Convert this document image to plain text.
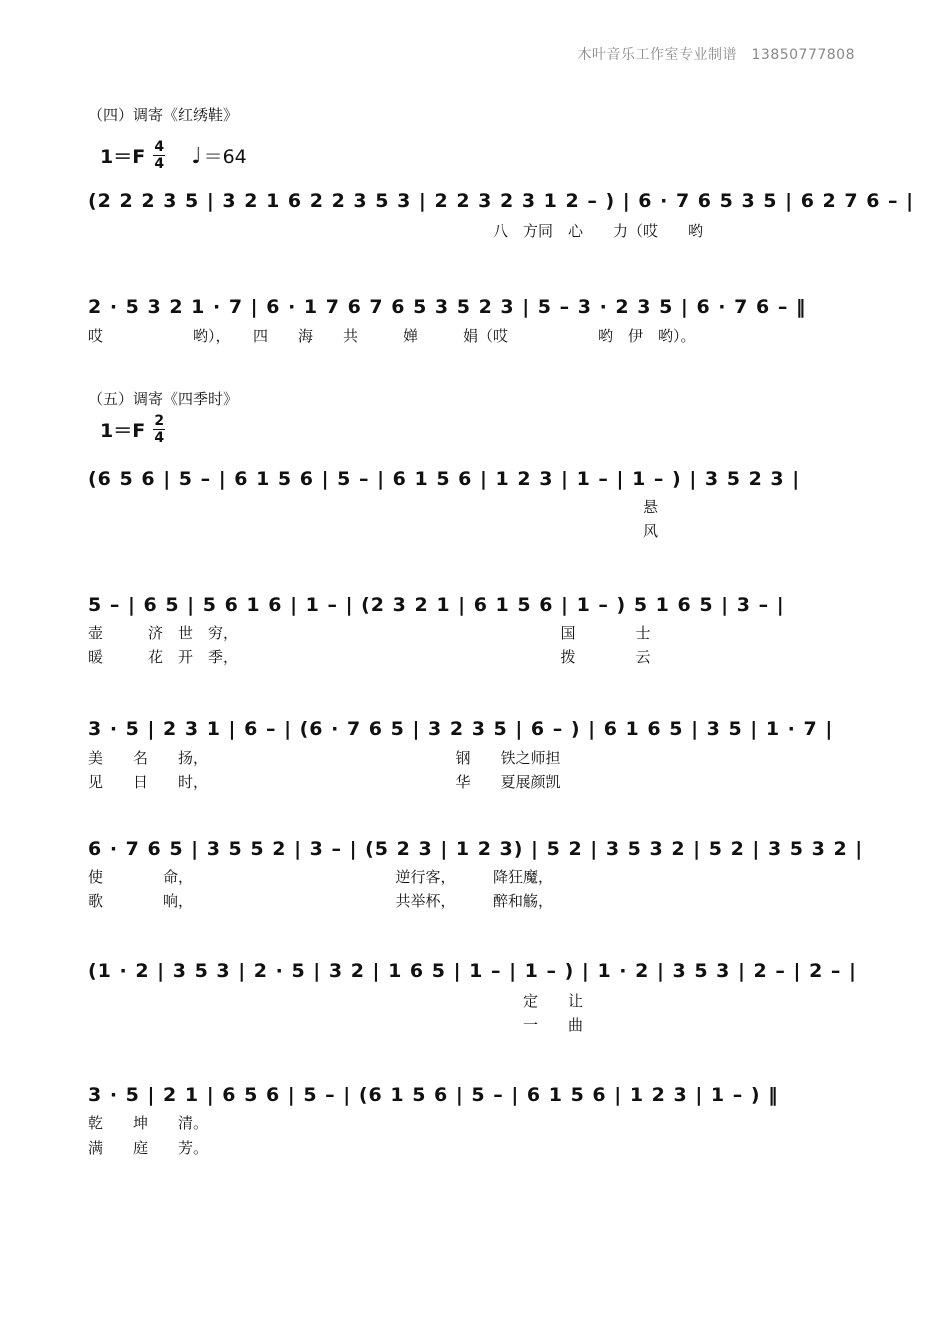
木叶音乐工作室专业制谱　13850777808
（四）调寄《红绣鞋》
1＝F 4
4 ♩ ＝64
(2 2 2 3 5 | 3 2 1 6 2 2 3 5 3 | 2 2 3 2 3 1 2 – ) | 6 · 7 6 5 3 5 | 6 2 7 6 – |
　　　　　　　　　　　　　　　　　　　　　　　　　　　八　方同　心　　力（哎　　哟
2 · 5 3 2 1 · 7 | 6 · 1 7 6 7 6 5 3 5 2 3 | 5 – 3 · 2 3 5 | 6 · 7 6 – ‖
哎　　　　　　哟），　　四　　海　　共　　　婵　　　娟（哎　　　　　　哟　伊　哟）。
（五）调寄《四季时》
1＝F 2
4
(6 5 6 | 5 – | 6 1 5 6 | 5 – | 6 1 5 6 | 1 2 3 | 1 – | 1 – ) | 3 5 2 3 |
　　　　　　　　　　　　　　　　　　　　　　　　　　　　　　　　　　　　　悬
　　　　　　　　　　　　　　　　　　　　　　　　　　　　　　　　　　　　　风
5 – | 6 5 | 5 6 1 6 | 1 – | (2 3 2 1 | 6 1 5 6 | 1 – ) 5 1 6 5 | 3 – |
壶　　　济　世　穷，　　　　　　　　　　　　　　　　　　　　　　国　　　　士
暖　　　花　开　季，　　　　　　　　　　　　　　　　　　　　　　拨　　　　云
3 · 5 | 2 3 1 | 6 – | (6 · 7 6 5 | 3 2 3 5 | 6 – ) | 6 1 6 5 | 3 5 | 1 · 7 |
美　　名　　扬，　　　　　　　　　　　　　　　　　钢　　铁之师担
见　　日　　时，　　　　　　　　　　　　　　　　　华　　夏展颜凯
6 · 7 6 5 | 3 5 5 2 | 3 – | (5 2 3 | 1 2 3) | 5 2 | 3 5 3 2 | 5 2 | 3 5 3 2 |
使　　　　命，　　　　　　　　　　　　　　逆行客，　　　降狂魔，
歌　　　　响，　　　　　　　　　　　　　　共举杯，　　　醉和觞，
(1 · 2 | 3 5 3 | 2 · 5 | 3 2 | 1 6 5 | 1 – | 1 – ) | 1 · 2 | 3 5 3 | 2 – | 2 – |
　　　　　　　　　　　　　　　　　　　　　　　　　　　　　定　　让
　　　　　　　　　　　　　　　　　　　　　　　　　　　　　一　　曲
3 · 5 | 2 1 | 6 5 6 | 5 – | (6 1 5 6 | 5 – | 6 1 5 6 | 1 2 3 | 1 – ) ‖
乾　　坤　　清。
满　　庭　　芳。
